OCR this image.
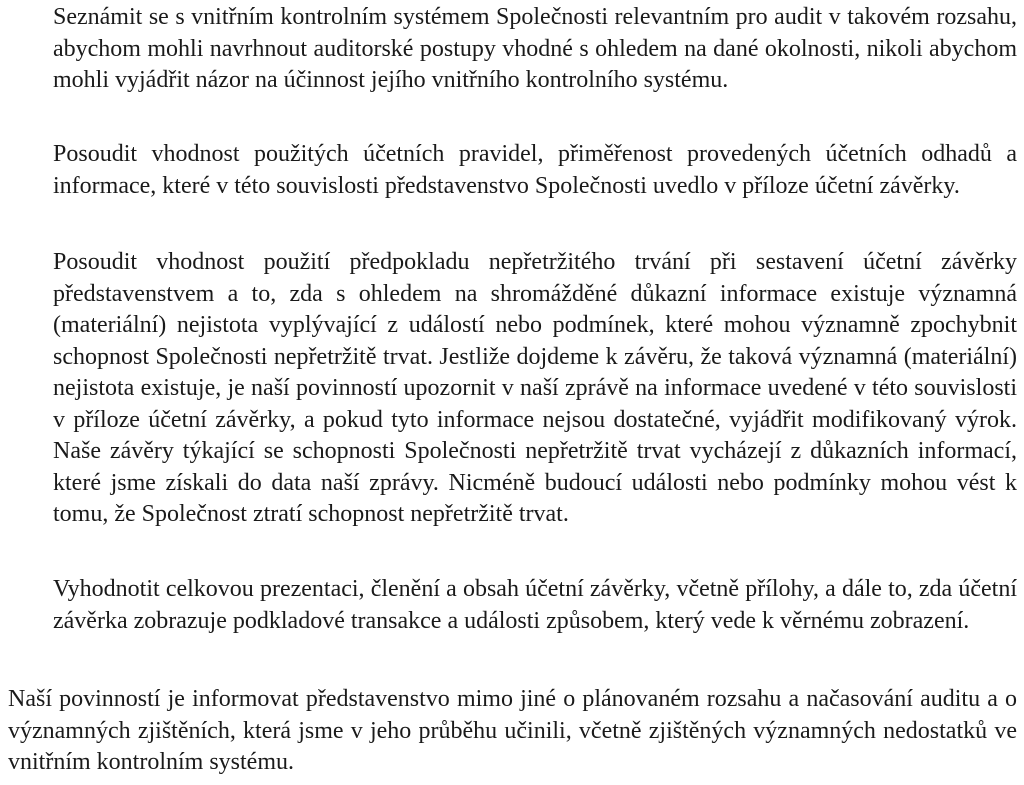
Seznámit se s vnitřním kontrolním systémem Společnosti relevantním pro audit v takovém rozsahu, abychom mohli navrhnout auditorské postupy vhodné s ohledem na dané okolnosti, nikoli abychom mohli vyjádřit názor na účinnost jejího vnitřního kontrolního systému.

Posoudit vhodnost použitých účetních pravidel, přiměřenost provedených účetních odhadů a informace, které v této souvislosti představenstvo Společnosti uvedlo v příloze účetní závěrky.

Posoudit vhodnost použití předpokladu nepřetržitého trvání při sestavení účetní závěrky představenstvem a to, zda s ohledem na shromážděné důkazní informace existuje významná (materiální) nejistota vyplývající z událostí nebo podmínek, které mohou významně zpochybnit schopnost Společnosti nepřetržitě trvat. Jestliže dojdeme k závěru, že taková významná (materiální) nejistota existuje, je naší povinností upozornit v naší zprávě na informace uvedené v této souvislosti v příloze účetní závěrky, a pokud tyto informace nejsou dostatečné, vyjádřit modifikovaný výrok. Naše závěry týkající se schopnosti Společnosti nepřetržitě trvat vycházejí z důkazních informací, které jsme získali do data naší zprávy. Nicméně budoucí události nebo podmínky mohou vést k tomu, že Společnost ztratí schopnost nepřetržitě trvat.

Vyhodnotit celkovou prezentaci, členění a obsah účetní závěrky, včetně přílohy, a dále to, zda účetní závěrka zobrazuje podkladové transakce a události způsobem, který vede k věrnému zobrazení.

Naší povinností je informovat představenstvo mimo jiné o plánovaném rozsahu a načasování auditu a o významných zjištěních, která jsme v jeho průběhu učinili, včetně zjištěných významných nedostatků ve vnitřním kontrolním systému.
